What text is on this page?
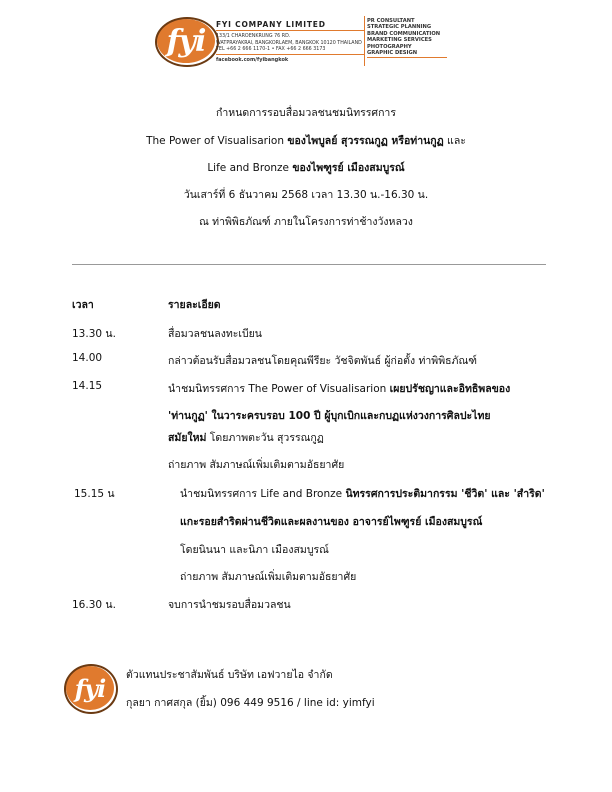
fyi FYI COMPANY LIMITED
133/1 CHAROENKRUNG 76 RD.
WATPRAYAKRAI, BANGKORLAEM, BANGKOK 10120 THAILAND
TEL +66 2 666 1170-1 • FAX +66 2 666 3173
facebook.com/fyibangkok
PR CONSULTANT
STRATEGIC PLANNING
BRAND COMMUNICATION
MARKETING SERVICES
PHOTOGRAPHY
GRAPHIC DESIGN
กำหนดการรอบสื่อมวลชนชมนิทรรศการ
The Power of Visualisarion ของไพบูลย์ สุวรรณกูฏ หรือท่านกูฏ และ
Life and Bronze ของไพฑูรย์ เมืองสมบูรณ์
วันเสาร์ที่ 6 ธันวาคม 2568 เวลา 13.30 น.-16.30 น.
ณ ท่าพิพิธภัณฑ์ ภายในโครงการท่าช้างวังหลวง
เวลา	รายละเอียด
13.30 น.	สื่อมวลชนลงทะเบียน
14.00	กล่าวต้อนรับสื่อมวลชนโดยคุณพีรียะ วัชจิตพันธ์ ผู้ก่อตั้ง ท่าพิพิธภัณฑ์
14.15	นำชมนิทรรศการ The Power of Visualisarion เผยปรัชญาและอิทธิพลของ
'ท่านกูฏ' ในวาระครบรอบ 100 ปี ผู้บุกเบิกและกบฏแห่งวงการศิลปะไทย
สมัยใหม่ โดยภาพตะวัน สุวรรณกูฏ
ถ่ายภาพ สัมภาษณ์เพิ่มเติมตามอัธยาศัย
15.15 น	นำชมนิทรรศการ Life and Bronze นิทรรศการประติมากรรม 'ชีวิต' และ 'สำริด'
แกะรอยสำริดผ่านชีวิตและผลงานของ อาจารย์ไพฑูรย์ เมืองสมบูรณ์
โดยนินนา และนิภา เมืองสมบูรณ์
ถ่ายภาพ สัมภาษณ์เพิ่มเติมตามอัธยาศัย
16.30 น.	จบการนำชมรอบสื่อมวลชน
fyi ตัวแทนประชาสัมพันธ์ บริษัท เอฟวายไอ จำกัด
กุลยา กาศสกุล (ยิ้ม) 096 449 9516 / line id: yimfyi
